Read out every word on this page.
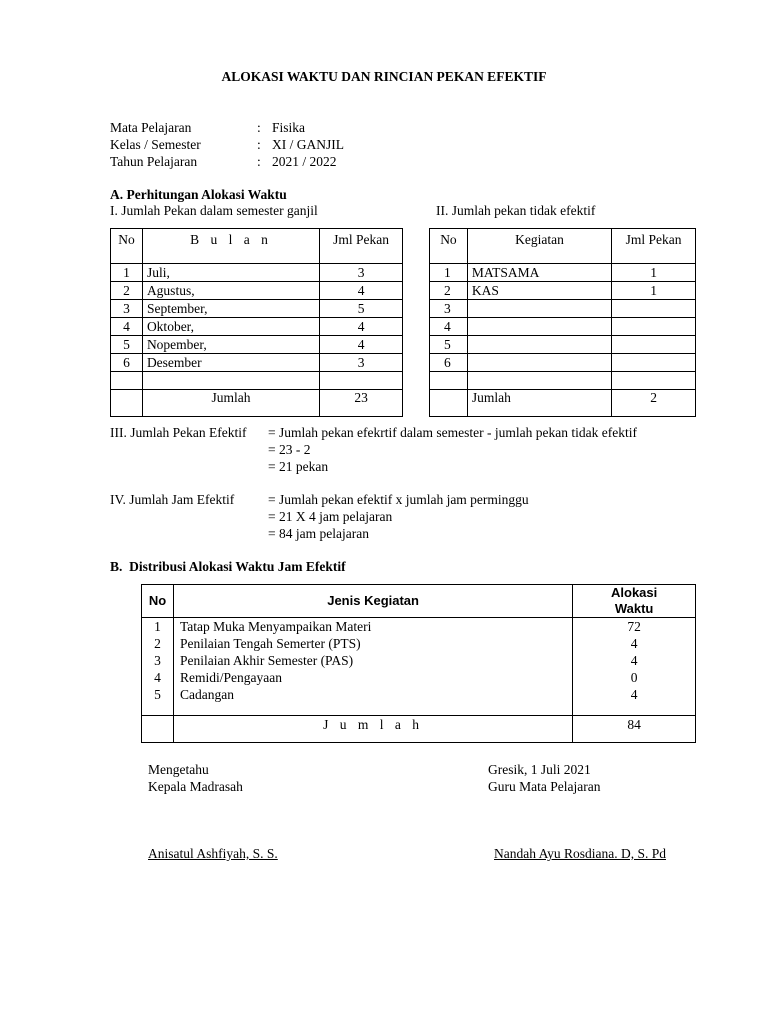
ALOKASI WAKTU DAN RINCIAN PEKAN EFEKTIF
Mata Pelajaran	: Fisika
Kelas / Semester	: XI / GANJIL
Tahun Pelajaran	: 2021 / 2022
A. Perhitungan Alokasi Waktu
I. Jumlah Pekan dalam semester ganjil	II. Jumlah pekan tidak efektif
No	B u l a n	Jml Pekan
1	Juli,	3
2	Agustus,	4
3	September,	5
4	Oktober,	4
5	Nopember,	4
6	Desember	3

	Jumlah	23
No	Kegiatan	Jml Pekan
1	MATSAMA	1
2	KAS	1
3		
4		
5		
6		

	Jumlah	2
III. Jumlah Pekan Efektif = Jumlah pekan efekrtif dalam semester - jumlah pekan tidak efektif
= 23 - 2
= 21 pekan
IV. Jumlah Jam Efektif	= Jumlah pekan efektif x jumlah jam perminggu
= 21 X 4 jam pelajaran
= 84 jam pelajaran
B.  Distribusi Alokasi Waktu Jam Efektif
No	Jenis Kegiatan	Alokasi
Waktu

1	Tatap Muka Menyampaikan Materi	72
2	Penilaian Tengah Semerter (PTS)	4
3	Penilaian Akhir Semester (PAS)	4
4	Remidi/Pengayaan	0
5	Cadangan	4

	J u m l a h	84
Mengetahu
Kepala Madrasah
Anisatul Ashfiyah, S. S.
Gresik, 1 Juli 2021
Guru Mata Pelajaran
Nandah Ayu Rosdiana. D, S. Pd
